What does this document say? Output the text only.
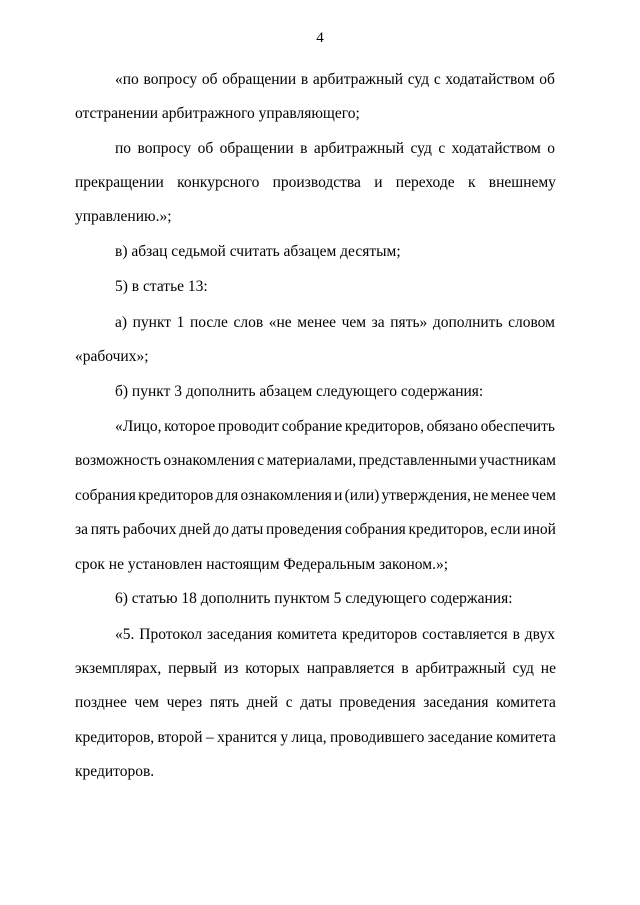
4
«по вопросу об обращении в арбитражный суд с ходатайством об
отстранении арбитражного управляющего;
по вопросу об обращении в арбитражный суд с ходатайством о
прекращении конкурсного производства и переходе к внешнему
управлению.»;
в) абзац седьмой считать абзацем десятым;
5) в статье 13:
а) пункт 1 после слов «не менее чем за пять» дополнить словом
«рабочих»;
б) пункт 3 дополнить абзацем следующего содержания:
«Лицо, которое проводит собрание кредиторов, обязано обеспечить
возможность ознакомления с материалами, представленными участникам
собрания кредиторов для ознакомления и (или) утверждения, не менее чем
за пять рабочих дней до даты проведения собрания кредиторов, если иной
срок не установлен настоящим Федеральным законом.»;
6) статью 18 дополнить пунктом 5 следующего содержания:
«5. Протокол заседания комитета кредиторов составляется в двух
экземплярах, первый из которых направляется в арбитражный суд не
позднее чем через пять дней с даты проведения заседания комитета
кредиторов, второй – хранится у лица, проводившего заседание комитета
кредиторов.
